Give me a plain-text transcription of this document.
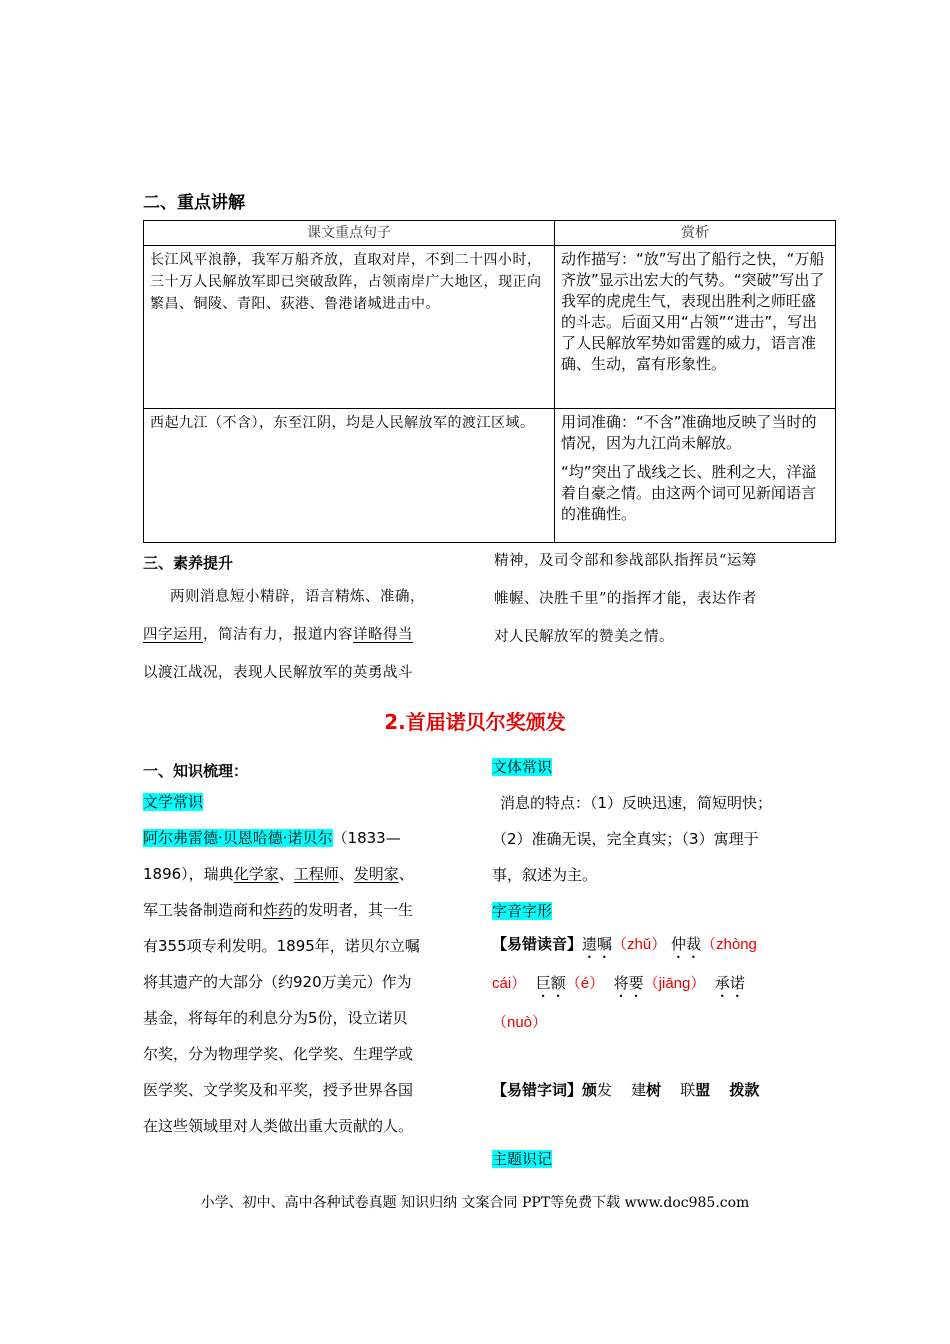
二、重点讲解
课文重点句子	赏析
长江风平浪静，我军万船齐放，直取对岸，不到二十四小时，三十万人民解放军即已突破敌阵，占领南岸广大地区，现正向繁昌、铜陵、青阳、荻港、鲁港诸城进击中。	动作描写：“放”写出了船行之快，“万船齐放”显示出宏大的气势。“突破”写出了我军的虎虎生气，表现出胜利之师旺盛的斗志。后面又用“占领”“进击”，写出了人民解放军势如雷霆的威力，语言准确、生动，富有形象性。

西起九江（不含），东至江阴，均是人民解放军的渡江区域。	用词准确：“不含”准确地反映了当时的情况，因为九江尚未解放。

“均”突出了战线之长、胜利之大，洋溢着自豪之情。由这两个词可见新闻语言的准确性。

三、素养提升
两则消息短小精辟，语言精炼、准确，
四字运用，简洁有力，报道内容详略得当
以渡江战况，表现人民解放军的英勇战斗
精神，及司令部和参战部队指挥员“运筹
帷幄、决胜千里”的指挥才能，表达作者
对人民解放军的赞美之情。
2.首届诺贝尔奖颁发
一、知识梳理：
文学常识
阿尔弗雷德·贝恩哈德·诺贝尔（1833—
1896），瑞典化学家、工程师、发明家、
军工装备制造商和炸药的发明者，其一生
有355项专利发明。1895年，诺贝尔立嘱
将其遗产的大部分（约920万美元）作为
基金，将每年的利息分为5份，设立诺贝
尔奖，分为物理学奖、化学奖、生理学或
医学奖、文学奖及和平奖，授予世界各国
在这些领域里对人类做出重大贡献的人。
文体常识
消息的特点：（1）反映迅速，简短明快；
（2）准确无误，完全真实；（3）寓理于
事，叙述为主。
字音字形
【易错读音】遗嘱（zhǔ） 仲裁（zhòng
cái） 巨额（é） 将要（jiāng） 承诺
（nuò）
【易错字词】颁发 建树 联盟 拨款
主题识记
小学、初中、高中各种试卷真题 知识归纳 文案合同 PPT等免费下载 www.doc985.com
